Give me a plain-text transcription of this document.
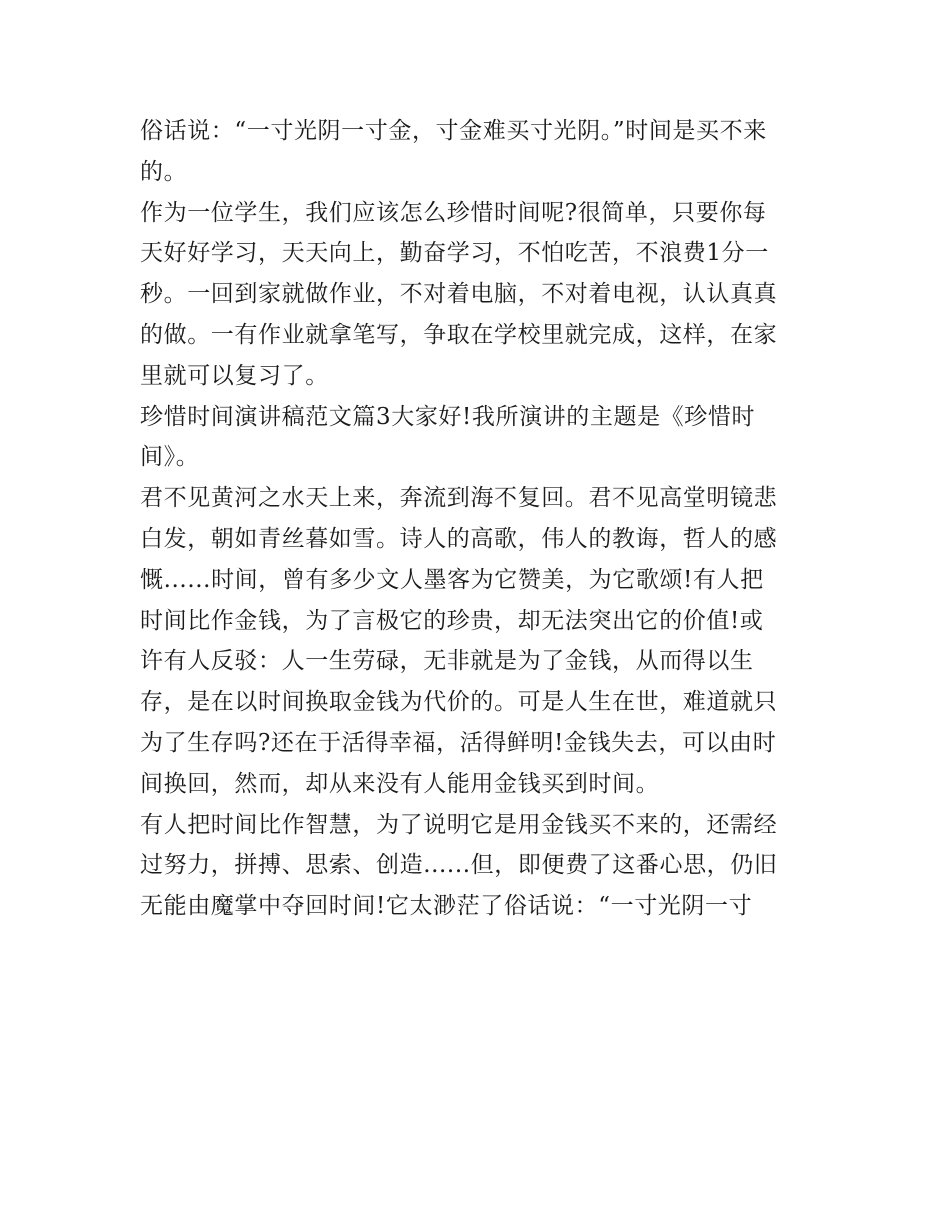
俗话说：“一寸光阴一寸金，寸金难买寸光阴。”时间是买不来
的。
作为一位学生，我们应该怎么珍惜时间呢?很简单，只要你每
天好好学习，天天向上，勤奋学习，不怕吃苦，不浪费1分一
秒。一回到家就做作业，不对着电脑，不对着电视，认认真真
的做。一有作业就拿笔写，争取在学校里就完成，这样，在家
里就可以复习了。
珍惜时间演讲稿范文篇3大家好!我所演讲的主题是《珍惜时
间》。
君不见黄河之水天上来，奔流到海不复回。君不见高堂明镜悲
白发，朝如青丝暮如雪。诗人的高歌，伟人的教诲，哲人的感
慨......时间，曾有多少文人墨客为它赞美，为它歌颂!有人把
时间比作金钱，为了言极它的珍贵，却无法突出它的价值!或
许有人反驳：人一生劳碌，无非就是为了金钱，从而得以生
存，是在以时间换取金钱为代价的。可是人生在世，难道就只
为了生存吗?还在于活得幸福，活得鲜明!金钱失去，可以由时
间换回，然而，却从来没有人能用金钱买到时间。
有人把时间比作智慧，为了说明它是用金钱买不来的，还需经
过努力，拼搏、思索、创造......但，即便费了这番心思，仍旧
无能由魔掌中夺回时间!它太渺茫了俗话说：“一寸光阴一寸
